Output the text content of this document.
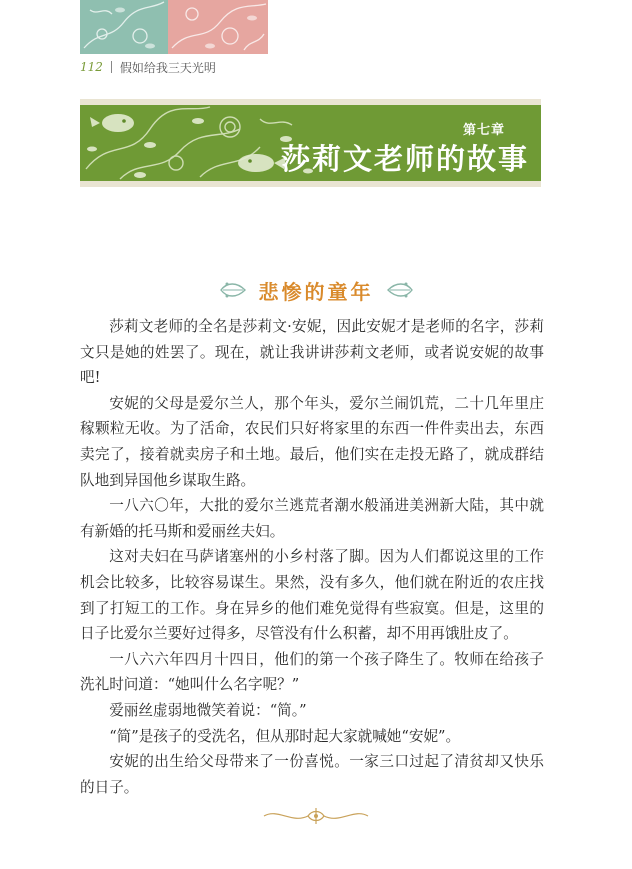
112 假如给我三天光明
第七章
莎莉文老师的故事
悲惨的童年

莎莉文老师的全名是莎莉文·安妮，因此安妮才是老师的名字，莎莉文只是她的姓罢了。现在，就让我讲讲莎莉文老师，或者说安妮的故事吧!

安妮的父母是爱尔兰人，那个年头，爱尔兰闹饥荒，二十几年里庄稼颗粒无收。为了活命，农民们只好将家里的东西一件件卖出去，东西卖完了，接着就卖房子和土地。最后，他们实在走投无路了，就成群结队地到异国他乡谋取生路。

一八六〇年，大批的爱尔兰逃荒者潮水般涌进美洲新大陆，其中就有新婚的托马斯和爱丽丝夫妇。

这对夫妇在马萨诸塞州的小乡村落了脚。因为人们都说这里的工作机会比较多，比较容易谋生。果然，没有多久，他们就在附近的农庄找到了打短工的工作。身在异乡的他们难免觉得有些寂寞。但是，这里的日子比爱尔兰要好过得多，尽管没有什么积蓄，却不用再饿肚皮了。

一八六六年四月十四日，他们的第一个孩子降生了。牧师在给孩子洗礼时问道：“她叫什么名字呢？”

爱丽丝虚弱地微笑着说：“简。”

“简”是孩子的受洗名，但从那时起大家就喊她“安妮”。

安妮的出生给父母带来了一份喜悦。一家三口过起了清贫却又快乐的日子。
